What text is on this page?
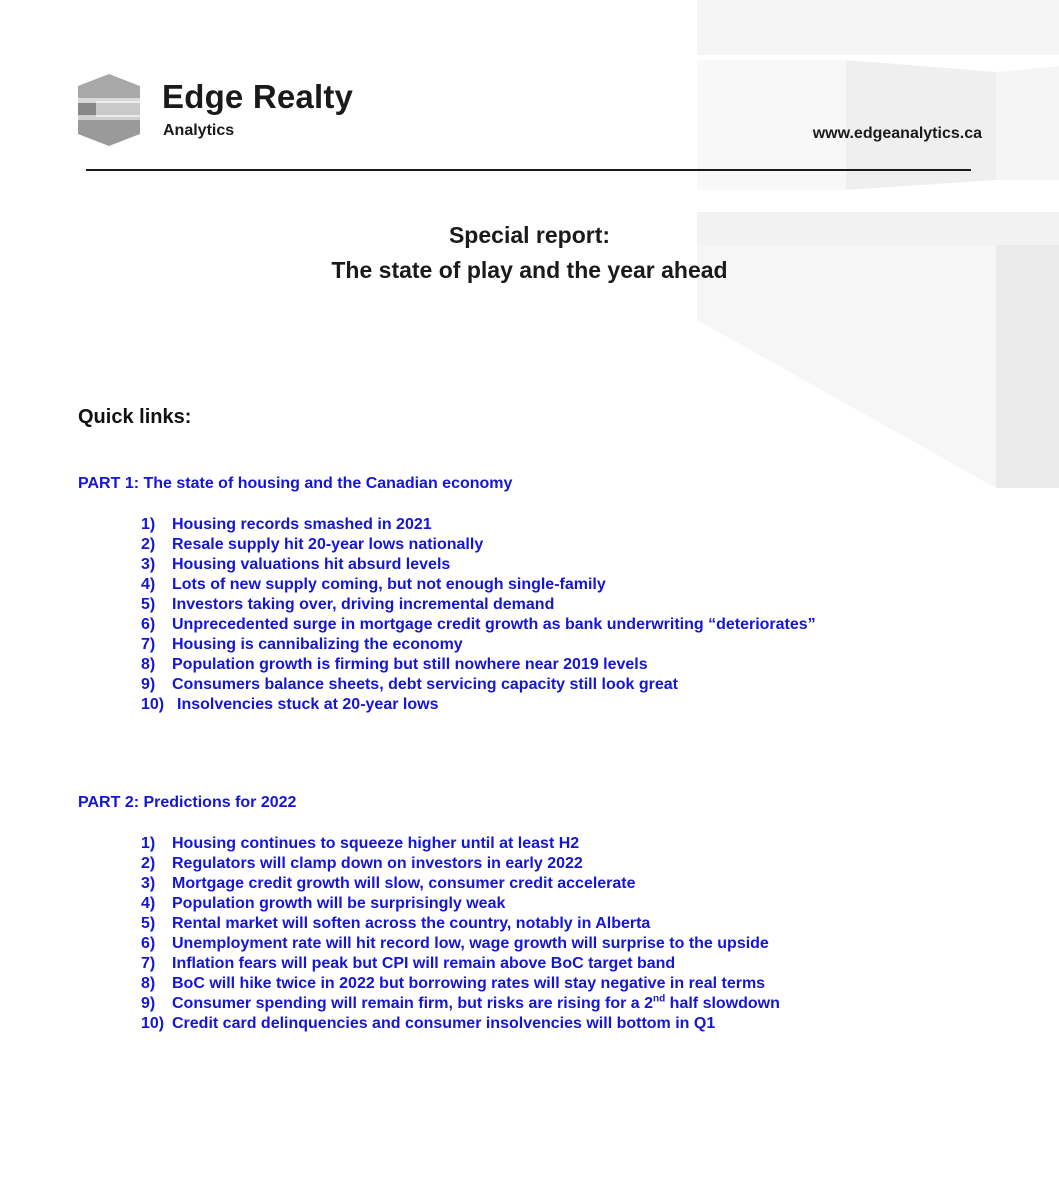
Edge Realty
Analytics	www.edgeanalytics.ca
Special report:
The state of play and the year ahead
Quick links:
PART 1: The state of housing and the Canadian economy
1)	Housing records smashed in 2021
2)	Resale supply hit 20-year lows nationally
3)	Housing valuations hit absurd levels
4)	Lots of new supply coming, but not enough single-family
5)	Investors taking over, driving incremental demand
6)	Unprecedented surge in mortgage credit growth as bank underwriting “deteriorates”
7)	Housing is cannibalizing the economy
8)	Population growth is firming but still nowhere near 2019 levels
9)	Consumers balance sheets, debt servicing capacity still look great
10) Insolvencies stuck at 20-year lows
PART 2: Predictions for 2022
1)	Housing continues to squeeze higher until at least H2
2)	Regulators will clamp down on investors in early 2022
3)	Mortgage credit growth will slow, consumer credit accelerate
4)	Population growth will be surprisingly weak
5)	Rental market will soften across the country, notably in Alberta
6)	Unemployment rate will hit record low, wage growth will surprise to the upside
7)	Inflation fears will peak but CPI will remain above BoC target band
8)	BoC will hike twice in 2022 but borrowing rates will stay negative in real terms
9)	Consumer spending will remain firm, but risks are rising for a 2nd half slowdown
10) Credit card delinquencies and consumer insolvencies will bottom in Q1
